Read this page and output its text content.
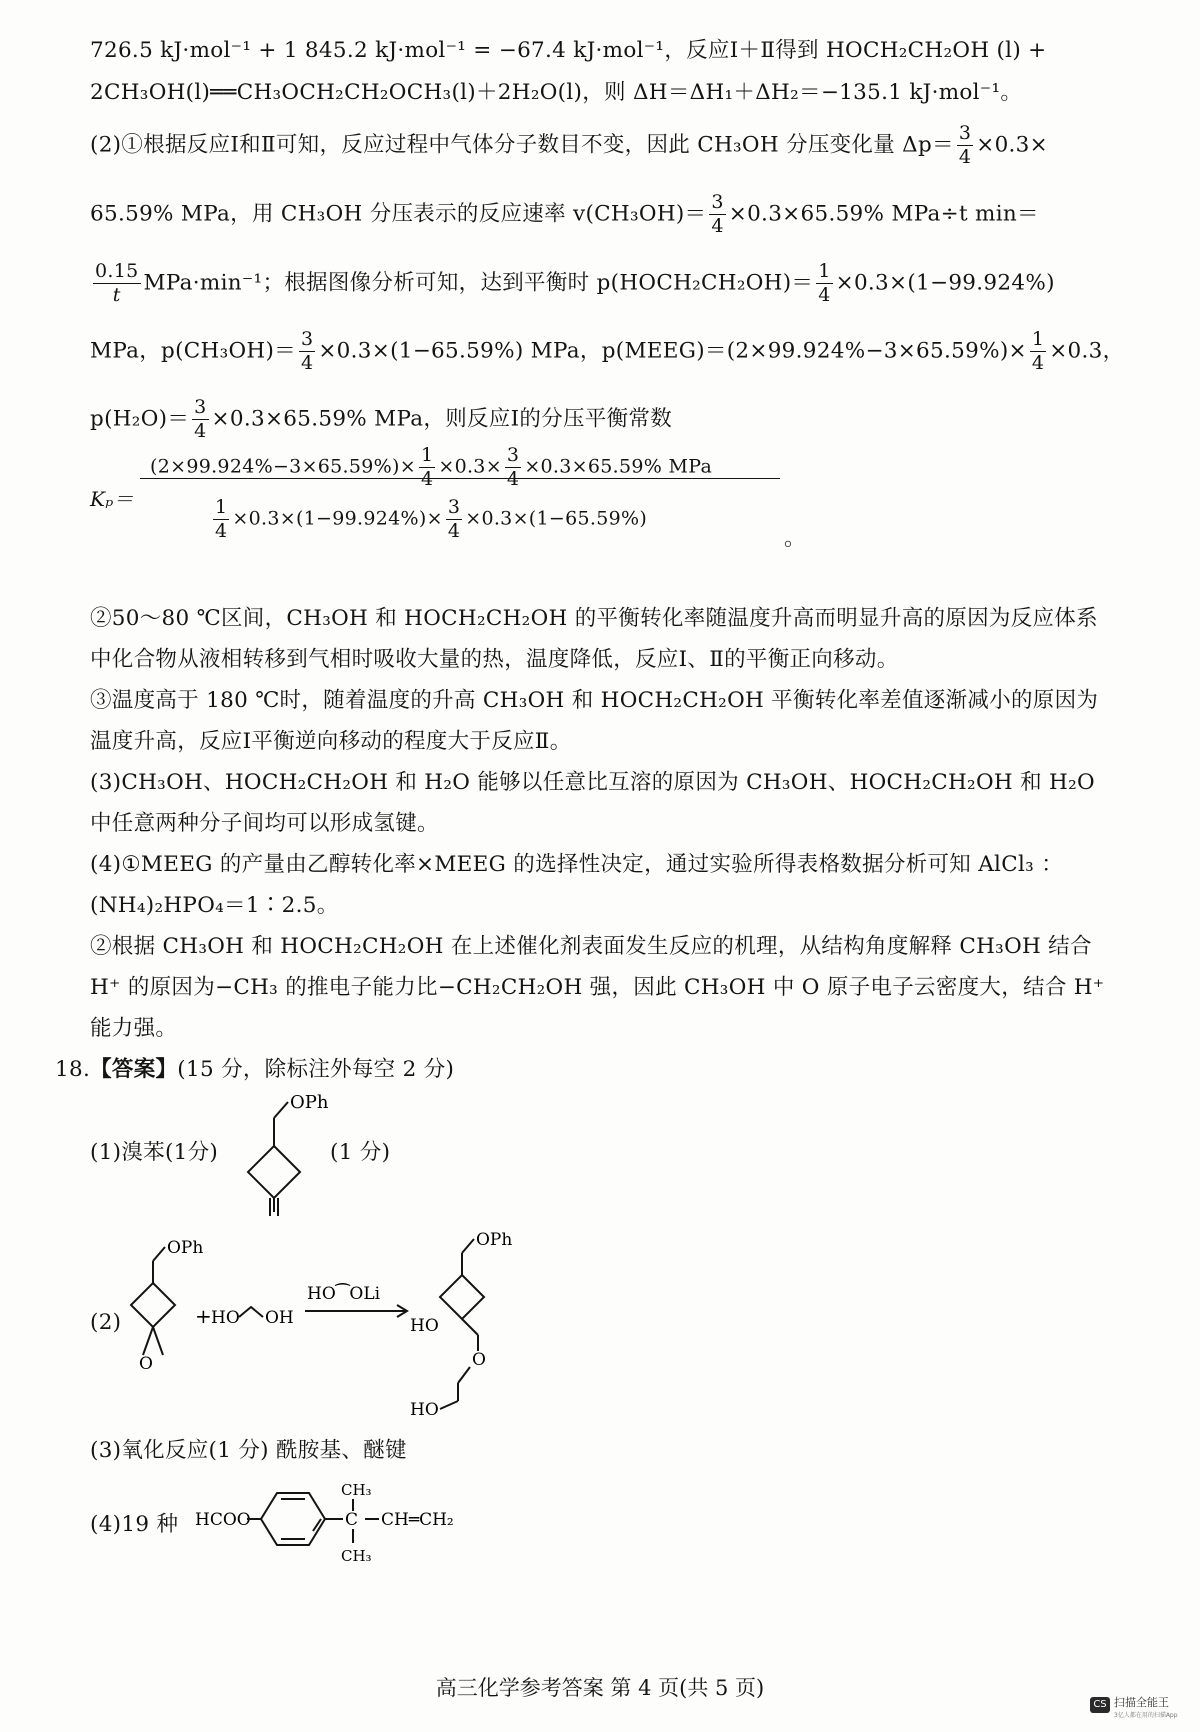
726.5 kJ·mol⁻¹ + 1 845.2 kJ·mol⁻¹ = −67.4 kJ·mol⁻¹，反应Ⅰ＋Ⅱ得到 HOCH₂CH₂OH (l) +
2CH₃OH(l)══CH₃OCH₂CH₂OCH₃(l)＋2H₂O(l)，则 ΔH＝ΔH₁＋ΔH₂＝−135.1 kJ·mol⁻¹。
(2)①根据反应Ⅰ和Ⅱ可知，反应过程中气体分子数目不变，因此 CH₃OH 分压变化量 $\Delta p= \frac{3}{4} \times 0.3\times$
65.59% MPa，用 CH₃OH 分压表示的反应速率 $v(CH_3OH)= \frac{3}{4} \times 0.3\times 65.59\%$ MPa÷t min＝
$\frac{0.15}{t} MPa\cdot\min^{-1}$；根据图像分析可知，达到平衡时 p(HOCH₂CH₂OH)＝ $\frac{1}{4} \times 0.3\times(1-99.924\%)$
MPa，$p(CH_3OH)= \frac{3}{4} \times 0.3\times(1-65.59\%)$ MPa，p(MEEG)＝(2×99.924%−3×65.59%)× $\frac{1}{4} \times 0.3$，
$p(H_2O)= \frac{3}{4} \times 0.3\times 65.59\%$ MPa，则反应Ⅰ的分压平衡常数
Kₚ＝
$(2\times 99.924\%-3\times 65.59\%)\times \frac{1}{4} \times 0.3\times \frac{3}{4} \times 0.3\times 65.59\%$ MPa
$\frac{1}{4} \times 0.3\times(1-99.924\%)\times \frac{3}{4} \times 0.3\times(1-65.59\%)$
。
②50～80 ℃区间，CH₃OH 和 HOCH₂CH₂OH 的平衡转化率随温度升高而明显升高的原因为反应体系
中化合物从液相转移到气相时吸收大量的热，温度降低，反应Ⅰ、Ⅱ的平衡正向移动。
③温度高于 180 ℃时，随着温度的升高 CH₃OH 和 HOCH₂CH₂OH 平衡转化率差值逐渐减小的原因为
温度升高，反应Ⅰ平衡逆向移动的程度大于反应Ⅱ。
(3)CH₃OH、HOCH₂CH₂OH 和 H₂O 能够以任意比互溶的原因为 CH₃OH、HOCH₂CH₂OH 和 H₂O
中任意两种分子间均可以形成氢键。
(4)①MEEG 的产量由乙醇转化率×MEEG 的选择性决定，通过实验所得表格数据分析可知 AlCl₃ ：
(NH₄)₂HPO₄＝1∶2.5。
②根据 CH₃OH 和 HOCH₂CH₂OH 在上述催化剂表面发生反应的机理，从结构角度解释 CH₃OH 结合
H⁺ 的原因为−CH₃ 的推电子能力比−CH₂CH₂OH 强，因此 CH₃OH 中 O 原子电子云密度大，结合 H⁺
能力强。
18.【答案】(15 分，除标注外每空 2 分)
(1)溴苯(1分)	(1 分)
OPh
(2)
OPh
O
+ HO OH
HO⁀OLi
OPh
HO
O
HO
(3)氧化反应(1 分) 酰胺基、醚键
(4)19 种 HCOO
CH₃
C
CH₃
CH═CH₂
高三化学参考答案 第 4 页(共 5 页)
CS 扫描全能王
3亿人都在用的扫描App
